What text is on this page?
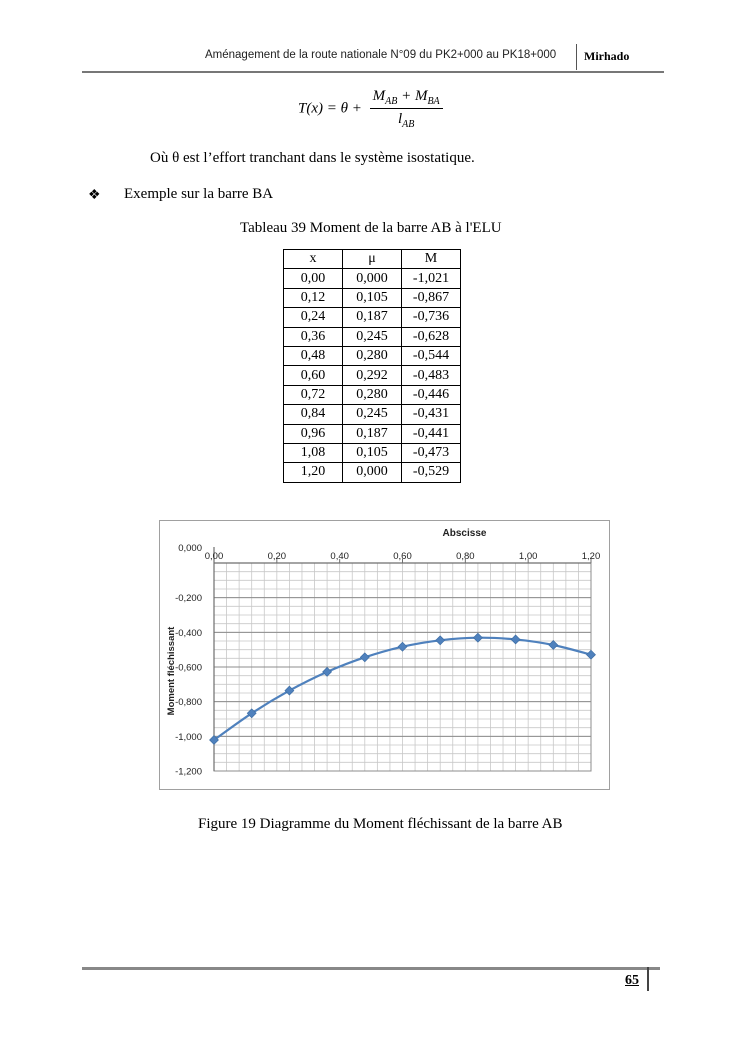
Aménagement de la route nationale N°09 du PK2+000 au PK18+000 Mirhado
$T(x) = \theta + \frac{M_{AB} + M_{BA}}{l_{AB}}$
Où θ est l’effort tranchant dans le système isostatique.
❖ Exemple sur la barre BA
Tableau 39 Moment de la barre AB à l'ELU
x	μ	M
0,00	0,000	-1,021
0,12	0,105	-0,867
0,24	0,187	-0,736
0,36	0,245	-0,628
0,48	0,280	-0,544
0,60	0,292	-0,483
0,72	0,280	-0,446
0,84	0,245	-0,431
0,96	0,187	-0,441
1,08	0,105	-0,473
1,20	0,000	-0,529
Abscisse
0,00	0,20	0,40	0,60	0,80	1,00	1,20
0,000
-0,200
-0,400
-0,600
-0,800
-1,000
-1,200
Moment fléchissant
Figure 19 Diagramme du Moment fléchissant de la barre AB
65
